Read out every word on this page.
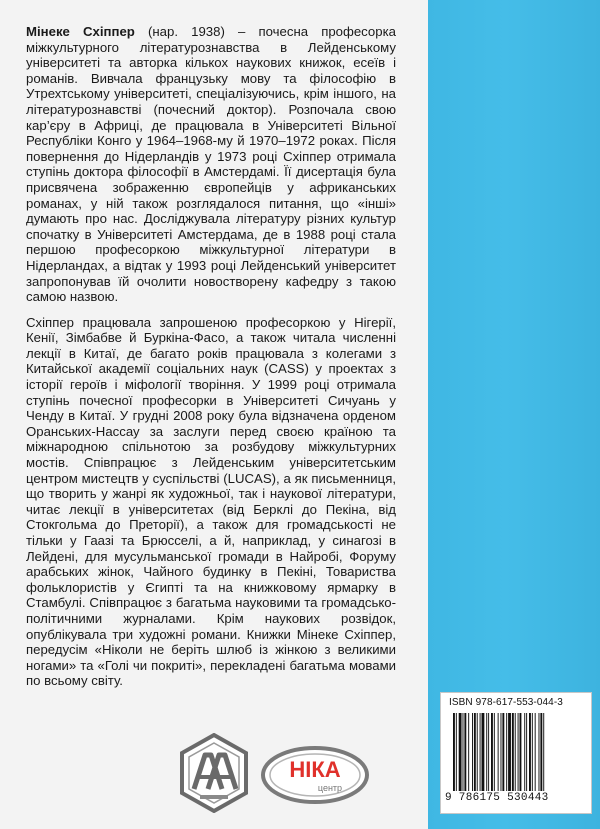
Мінеке Схіппер (нар. 1938) – почесна професорка міжкультурного літературознавства в Лейденському університеті та авторка кількох наукових книжок, есеїв і романів. Вивчала французьку мову та філософію в Утрехтському університеті, спеціалізуючись, крім іншого, на літературознавстві (почесний доктор). Розпочала свою кар’єру в Африці, де працювала в Університеті Вільної Республіки Конго у 1964–1968-му й 1970–1972 роках. Після повернення до Нідерландів у 1973 році Схіппер отримала ступінь доктора філософії в Амстердамі. Її дисертація була присвячена зображенню європейців у африканських романах, у ній також розглядалося питання, що «інші» думають про нас. Досліджувала літературу різних культур спочатку в Університеті Амстердама, де в 1988 році стала першою професоркою міжкультурної літератури в Нідерландах, а відтак у 1993 році Лейденський університет запропонував їй очолити новостворену кафедру з такою самою назвою.

Схіппер працювала запрошеною професоркою у Нігерії, Кенії, Зімбабве й Буркіна-Фасо, а також читала численні лекції в Китаї, де багато років працювала з колегами з Китайської академії соціальних наук (CASS) у проектах з історії героїв і міфології творіння. У 1999 році отримала ступінь почесної професорки в Університеті Сичуань у Ченду в Китаї. У грудні 2008 року була відзначена орденом Оранських-Нассау за заслуги перед своєю країною та міжнародною спільнотою за розбудову міжкультурних мостів. Співпрацює з Лейденським університетським центром мистецтв у суспільстві (LUCAS), а як письменниця, що творить у жанрі як художньої, так і наукової літератури, читає лекції в університетах (від Берклі до Пекіна, від Стокгольма до Преторії), а також для громадськості не тільки у Гаазі та Брюсселі, а й, наприклад, у синагозі в Лейдені, для мусульманської громади в Найробі, Форуму арабських жінок, Чайного будинку в Пекіні, Товариства фольклористів у Єгипті та на книжковому ярмарку в Стамбулі. Співпрацює з багатьма науковими та громадсько-політичними журналами. Крім наукових розвідок, опублікувала три художні романи. Книжки Мінеке Схіппер, передусім «Ніколи не беріть шлюб із жінкою з великими ногами» та «Голі чи покриті», перекладені багатьма мовами по всьому світу.

НІКА
центр
ISBN 978-617-553-044-3
9 786175 530443
